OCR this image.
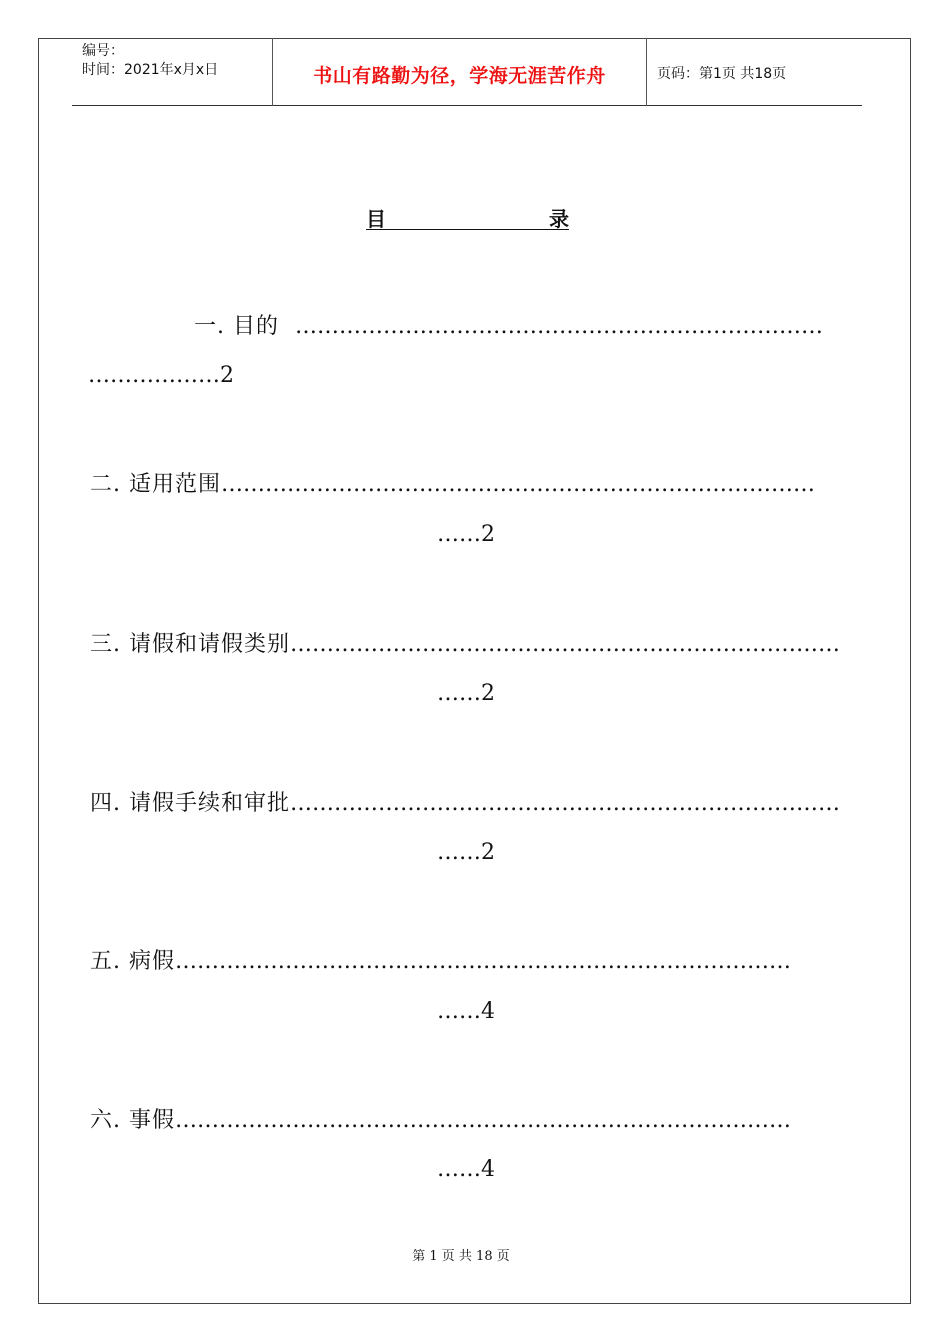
编号：
时间：2021年x月x日	书山有路勤为径，学海无涯苦作舟	页码：第1页 共18页
目	录
一. 目的 ………………………………………………………………
………………2
二. 适用范围………………………………………………………………………
……2
三. 请假和请假类别…………………………………………………………………
……2
四. 请假手续和审批…………………………………………………………………
……2
五. 病假…………………………………………………………………………
……4
六. 事假…………………………………………………………………………
……4
第 1 页 共 18 页
